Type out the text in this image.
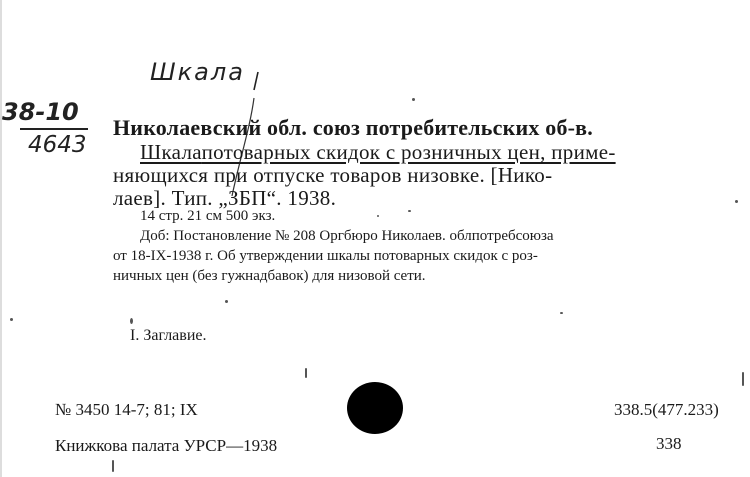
Шкала
38-10
4643
Николаевский обл. союз потребительских об-в.
Шкалапотоварных скидок с розничных цен, приме-
няющихся при отпуске товаров низовке. [Нико-
лаев]. Тип. „ЗБП“. 1938.
14 стр. 21 см 500 экз.
Доб: Постановление № 208 Оргбюро Николаев. облпотребсоюза
от 18-IX-1938 г. Об утверждении шкалы потоварных скидок с роз-
ничных цен (без гужнадбавок) для низовой сети.
I. Заглавие.
№ 3450 14-7; 81; IX	338.5(477.233)
Книжкова палата УРСР—1938	338
